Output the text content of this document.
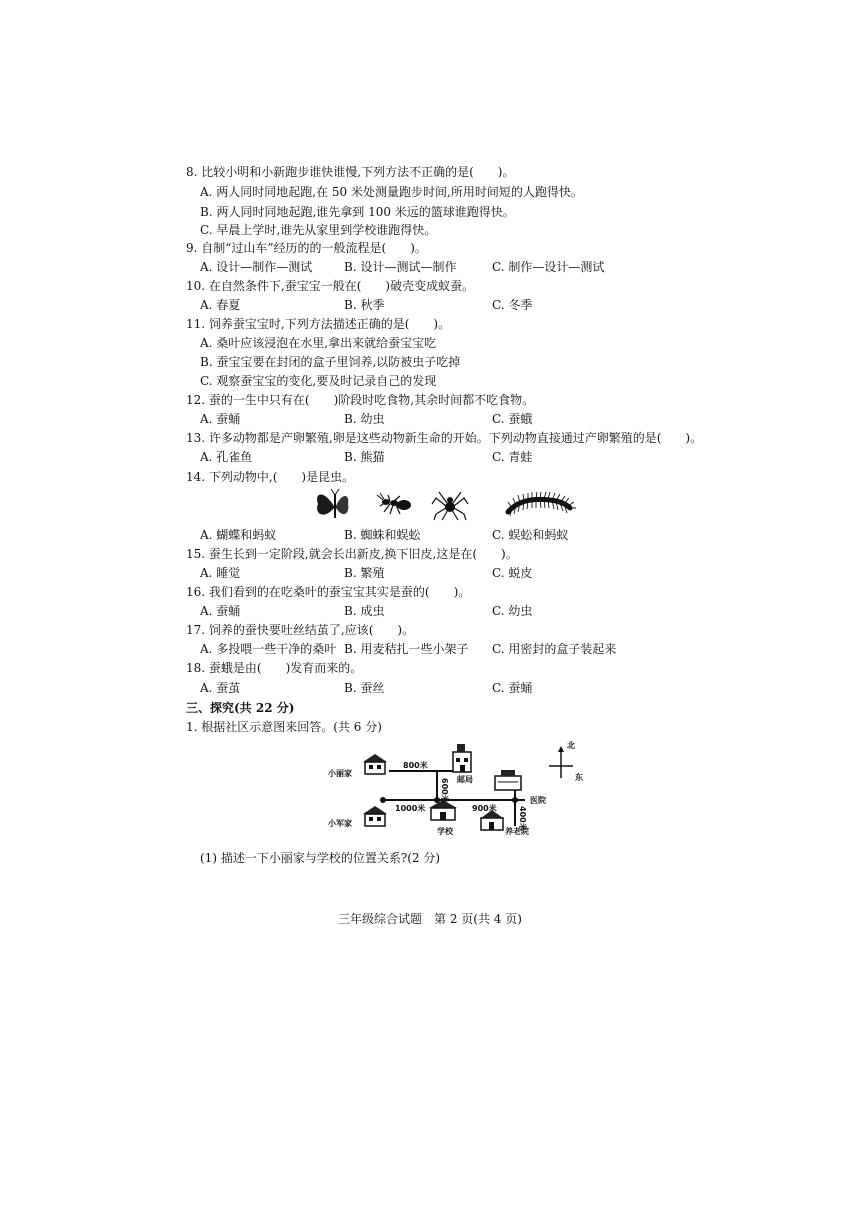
8. 比较小明和小新跑步谁快谁慢,下列方法不正确的是(　　)。
A. 两人同时同地起跑,在 50 米处测量跑步时间,所用时间短的人跑得快。
B. 两人同时同地起跑,谁先拿到 100 米远的篮球谁跑得快。
C. 早晨上学时,谁先从家里到学校谁跑得快。
9. 自制“过山车”经历的的一般流程是(　　)。
A. 设计—制作—测试	B. 设计—测试—制作	C. 制作—设计—测试
10. 在自然条件下,蚕宝宝一般在(　　)破壳变成蚁蚕。
A. 春夏	B. 秋季	C. 冬季
11. 饲养蚕宝宝时,下列方法描述正确的是(　　)。
A. 桑叶应该浸泡在水里,拿出来就给蚕宝宝吃
B. 蚕宝宝要在封闭的盒子里饲养,以防被虫子吃掉
C. 观察蚕宝宝的变化,要及时记录自己的发现
12. 蚕的一生中只有在(　　)阶段时吃食物,其余时间都不吃食物。
A. 蚕蛹	B. 幼虫	C. 蚕蛾
13. 许多动物都是产卵繁殖,卵是这些动物新生命的开始。下列动物直接通过产卵繁殖的是(　　)。
A. 孔雀鱼	B. 熊猫	C. 青蛙
14. 下列动物中,(　　)是昆虫。
A. 蝴蝶和蚂蚁	B. 蜘蛛和蜈蚣	C. 蜈蚣和蚂蚁
15. 蚕生长到一定阶段,就会长出新皮,换下旧皮,这是在(　　)。
A. 睡觉	B. 繁殖	C. 蜕皮
16. 我们看到的在吃桑叶的蚕宝宝其实是蚕的(　　)。
A. 蚕蛹	B. 成虫	C. 幼虫
17. 饲养的蚕快要吐丝结茧了,应该(　　)。
A. 多投喂一些干净的桑叶 B. 用麦秸扎一些小架子 C. 用密封的盒子装起来
18. 蚕蛾是由(　　)发育而来的。
A. 蚕茧	B. 蚕丝	C. 蚕蛹
三、探究(共 22 分)
1. 根据社区示意图来回答。(共 6 分)
小丽家
小军家
邮局
医院
学校	养老院
800米
1000米	900米
北
东
600米
400米
(1) 描述一下小丽家与学校的位置关系?(2 分)
三年级综合试题　第 2 页(共 4 页)
